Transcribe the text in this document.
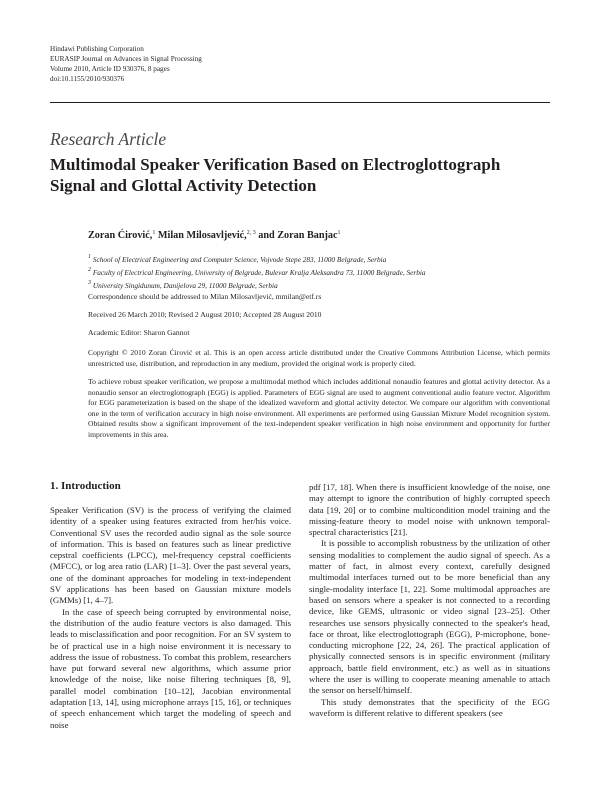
Hindawi Publishing Corporation
EURASIP Journal on Advances in Signal Processing
Volume 2010, Article ID 930376, 8 pages
doi:10.1155/2010/930376
Research Article
Multimodal Speaker Verification Based on Electroglottograph
Signal and Glottal Activity Detection
Zoran Ćirović,$^1$ Milan Milosavljević,$^{2, 3}$ and Zoran Banjac$^1$
$^1$ School of Electrical Engineering and Computer Science, Vojvode Stepe 283, 11000 Belgrade, Serbia
$^2$ Faculty of Electrical Engineering, University of Belgrade, Bulevar Kralja Aleksandra 73, 11000 Belgrade, Serbia
$^3$ University Singidunum, Danijelova 29, 11000 Belgrade, Serbia
Correspondence should be addressed to Milan Milosavljević, mmilan@etf.rs
Received 26 March 2010; Revised 2 August 2010; Accepted 28 August 2010
Academic Editor: Sharon Gannot
Copyright © 2010 Zoran Ćirović et al. This is an open access article distributed under the Creative Commons Attribution License, which permits unrestricted use, distribution, and reproduction in any medium, provided the original work is properly cited.
To achieve robust speaker verification, we propose a multimodal method which includes additional nonaudio features and glottal activity detector. As a nonaudio sensor an electroglottograph (EGG) is applied. Parameters of EGG signal are used to augment conventional audio feature vector. Algorithm for EGG parameterization is based on the shape of the idealized waveform and glottal activity detector. We compare our algorithm with conventional one in the term of verification accuracy in high noise environment. All experiments are performed using Gaussian Mixture Model recognition system. Obtained results show a significant improvement of the text-independent speaker verification in high noise environment and opportunity for further improvements in this area.
1. Introduction

Speaker Verification (SV) is the process of verifying the claimed identity of a speaker using features extracted from her/his voice. Conventional SV uses the recorded audio signal as the sole source of information. This is based on features such as linear predictive cepstral coefficients (LPCC), mel-frequency cepstral coefficients (MFCC), or log area ratio (LAR) [1–3]. Over the past several years, one of the dominant approaches for modeling in text-independent SV applications has been based on Gaussian mixture models (GMMs) [1, 4–7].

In the case of speech being corrupted by environmental noise, the distribution of the audio feature vectors is also damaged. This leads to misclassification and poor recognition. For an SV system to be of practical use in a high noise environment it is necessary to address the issue of robustness. To combat this problem, researchers have put forward several new algorithms, which assume prior knowledge of the noise, like noise filtering techniques [8, 9], parallel model combination [10–12], Jacobian environmental adaptation [13, 14], using microphone arrays [15, 16], or techniques of speech enhancement which target the modeling of speech and noise

pdf [17, 18]. When there is insufficient knowledge of the noise, one may attempt to ignore the contribution of highly corrupted speech data [19, 20] or to combine multicondition model training and the missing-feature theory to model noise with unknown temporal-spectral characteristics [21].

It is possible to accomplish robustness by the utilization of other sensing modalities to complement the audio signal of speech. As a matter of fact, in almost every context, carefully designed multimodal interfaces turned out to be more beneficial than any single-modality interface [1, 22]. Some multimodal approaches are based on sensors where a speaker is not connected to a recording device, like GEMS, ultrasonic or video signal [23–25]. Other researches use sensors physically connected to the speaker's head, face or throat, like electroglottograph (EGG), P-microphone, bone-conducting microphone [22, 24, 26]. The practical application of physically connected sensors is in specific environment (military approach, battle field environment, etc.) as well as in situations where the user is willing to cooperate meaning amenable to attach the sensor on herself/himself.

This study demonstrates that the specificity of the EGG waveform is different relative to different speakers (see
